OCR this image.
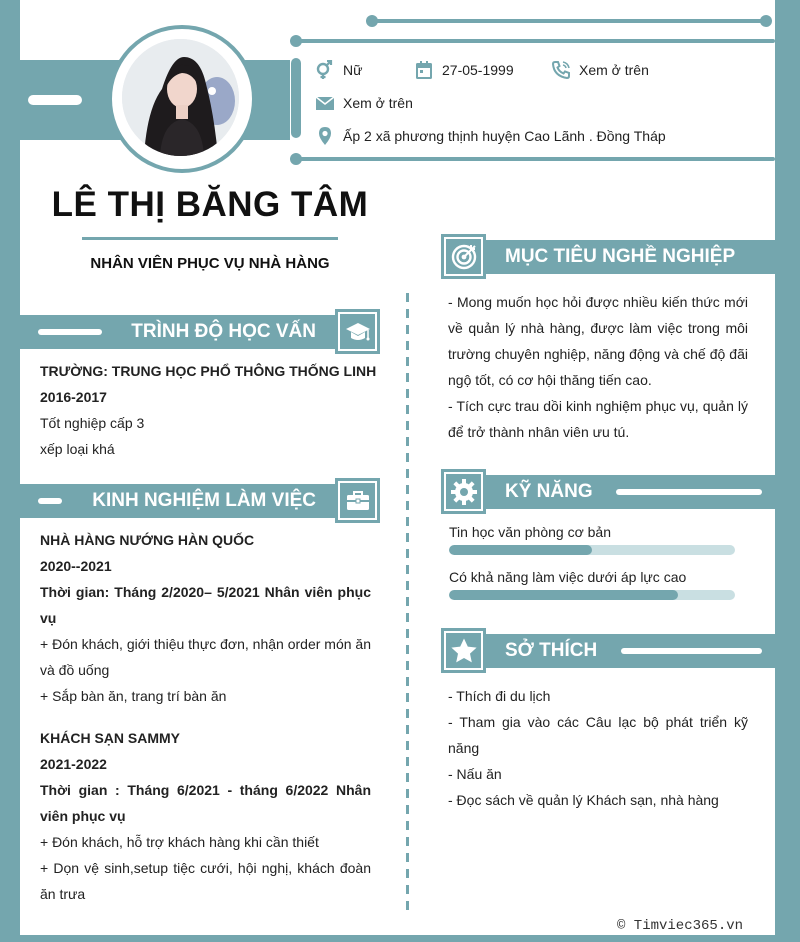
Nữ	27-05-1999	Xem ở trên
Xem ở trên
Ấp 2 xã phương thịnh huyện Cao Lãnh . Đồng Tháp
LÊ THỊ BĂNG TÂM
NHÂN VIÊN PHỤC VỤ NHÀ HÀNG
TRÌNH ĐỘ HỌC VẤN
TRƯỜNG: TRUNG HỌC PHỔ THÔNG THỐNG LINH
2016-2017
Tốt nghiệp cấp 3
xếp loại khá
KINH NGHIỆM LÀM VIỆC
NHÀ HÀNG NƯỚNG HÀN QUỐC
2020--2021
Thời gian: Tháng 2/2020– 5/2021 Nhân viên phục vụ
+ Đón khách, giới thiệu thực đơn, nhận order món ăn và đồ uống
+ Sắp bàn ăn, trang trí bàn ăn
KHÁCH SẠN SAMMY
2021-2022
Thời gian : Tháng 6/2021 - tháng 6/2022 Nhân viên phục vụ
+ Đón khách, hỗ trợ khách hàng khi cần thiết
+ Dọn vệ sinh,setup tiệc cưới, hội nghị, khách đoàn ăn trưa
MỤC TIÊU NGHỀ NGHIỆP
- Mong muốn học hỏi được nhiều kiến thức mới về quản lý nhà hàng, được làm việc trong môi trường chuyên nghiệp, năng động và chế độ đãi ngộ tốt, có cơ hội thăng tiến cao.
- Tích cực trau dồi kinh nghiệm phục vụ, quản lý để trở thành nhân viên ưu tú.
KỸ NĂNG
Tin học văn phòng cơ bản
Có khả năng làm việc dưới áp lực cao
SỞ THÍCH
- Thích đi du lịch
- Tham gia vào các Câu lạc bộ phát triển kỹ năng
- Nấu ăn
- Đọc sách về quản lý Khách sạn, nhà hàng
© Timviec365.vn
